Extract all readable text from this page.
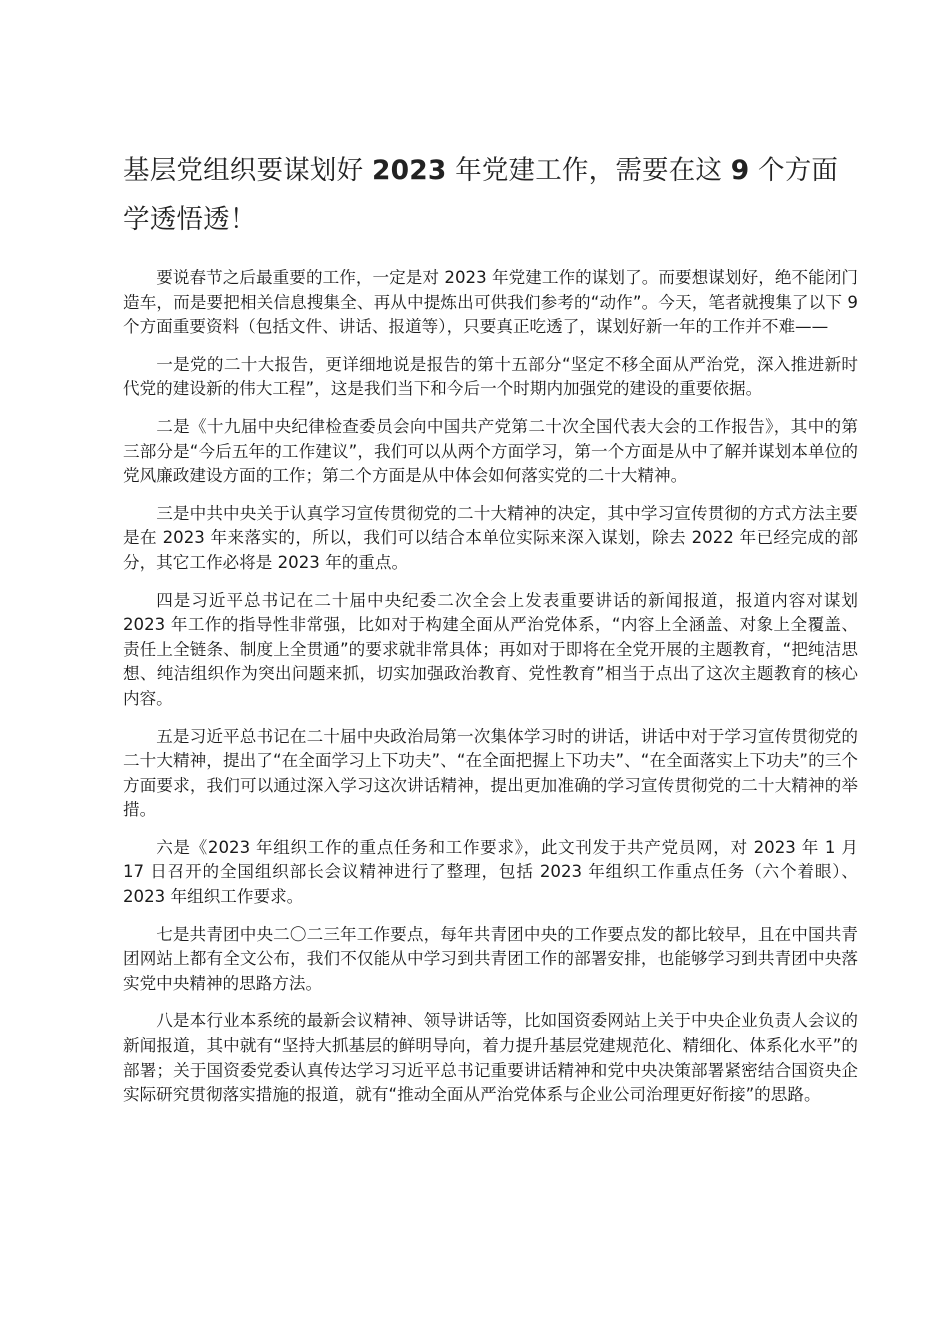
基层党组织要谋划好 2023 年党建工作，需要在这 9 个方面学透悟透！

要说春节之后最重要的工作，一定是对 2023 年党建工作的谋划了。而要想谋划好，绝不能闭门造车，而是要把相关信息搜集全、再从中提炼出可供我们参考的“动作”。今天，笔者就搜集了以下 9 个方面重要资料（包括文件、讲话、报道等），只要真正吃透了，谋划好新一年的工作并不难——

一是党的二十大报告，更详细地说是报告的第十五部分“坚定不移全面从严治党，深入推进新时代党的建设新的伟大工程”，这是我们当下和今后一个时期内加强党的建设的重要依据。

二是《十九届中央纪律检查委员会向中国共产党第二十次全国代表大会的工作报告》，其中的第三部分是“今后五年的工作建议”，我们可以从两个方面学习，第一个方面是从中了解并谋划本单位的党风廉政建设方面的工作；第二个方面是从中体会如何落实党的二十大精神。

三是中共中央关于认真学习宣传贯彻党的二十大精神的决定，其中学习宣传贯彻的方式方法主要是在 2023 年来落实的，所以，我们可以结合本单位实际来深入谋划，除去 2022 年已经完成的部分，其它工作必将是 2023 年的重点。

四是习近平总书记在二十届中央纪委二次全会上发表重要讲话的新闻报道，报道内容对谋划 2023 年工作的指导性非常强，比如对于构建全面从严治党体系，“内容上全涵盖、对象上全覆盖、责任上全链条、制度上全贯通”的要求就非常具体；再如对于即将在全党开展的主题教育，“把纯洁思想、纯洁组织作为突出问题来抓，切实加强政治教育、党性教育”相当于点出了这次主题教育的核心内容。

五是习近平总书记在二十届中央政治局第一次集体学习时的讲话，讲话中对于学习宣传贯彻党的二十大精神，提出了“在全面学习上下功夫”、“在全面把握上下功夫”、“在全面落实上下功夫”的三个方面要求，我们可以通过深入学习这次讲话精神，提出更加准确的学习宣传贯彻党的二十大精神的举措。

六是《2023 年组织工作的重点任务和工作要求》，此文刊发于共产党员网，对 2023 年 1 月 17 日召开的全国组织部长会议精神进行了整理，包括 2023 年组织工作重点任务（六个着眼）、2023 年组织工作要求。

七是共青团中央二〇二三年工作要点，每年共青团中央的工作要点发的都比较早，且在中国共青团网站上都有全文公布，我们不仅能从中学习到共青团工作的部署安排，也能够学习到共青团中央落实党中央精神的思路方法。

八是本行业本系统的最新会议精神、领导讲话等，比如国资委网站上关于中央企业负责人会议的新闻报道，其中就有“坚持大抓基层的鲜明导向，着力提升基层党建规范化、精细化、体系化水平”的部署；关于国资委党委认真传达学习习近平总书记重要讲话精神和党中央决策部署紧密结合国资央企实际研究贯彻落实措施的报道，就有“推动全面从严治党体系与企业公司治理更好衔接”的思路。
